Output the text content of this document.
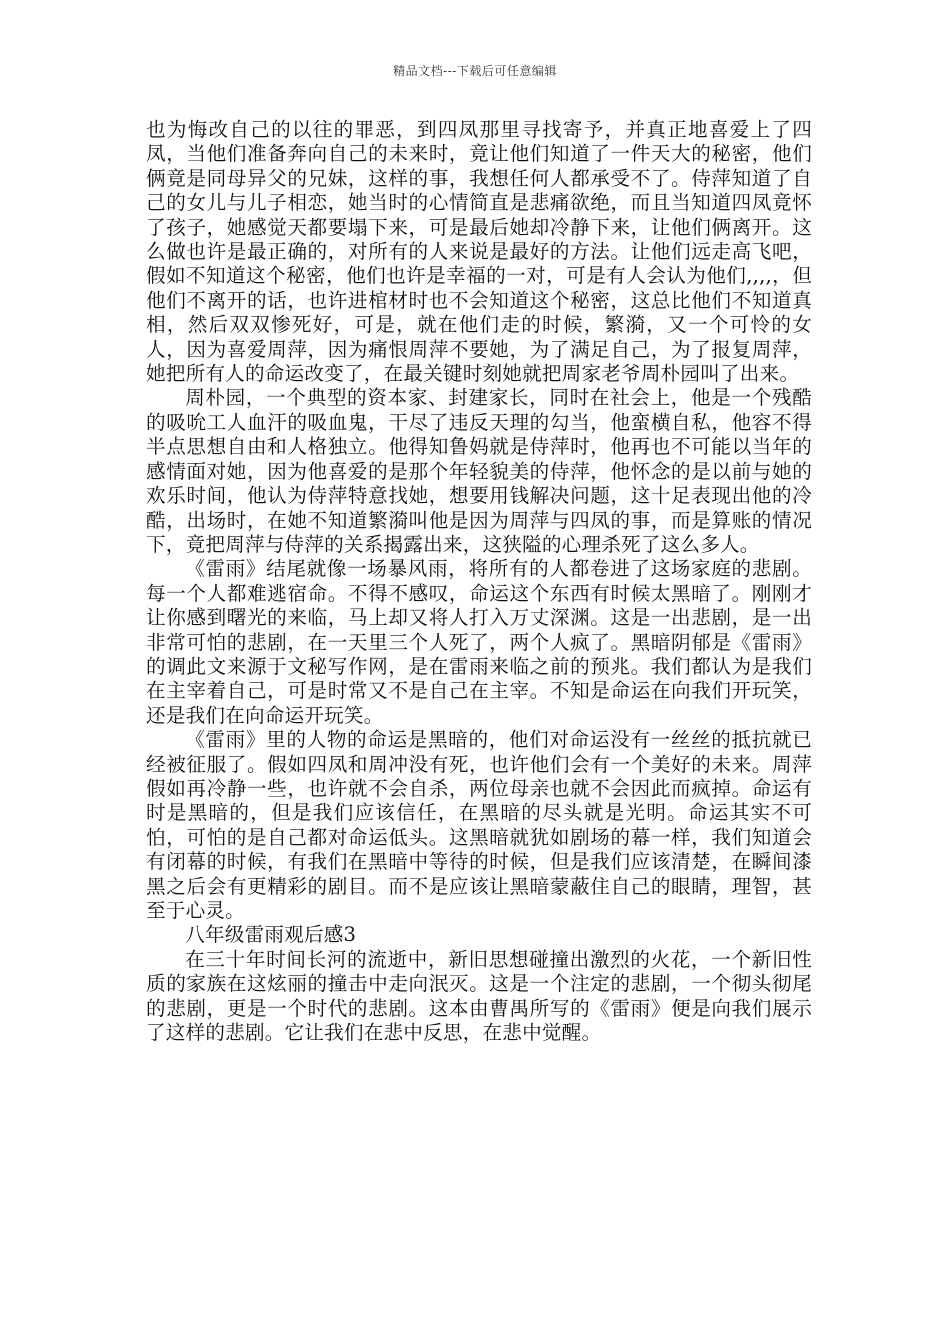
精品文档---下载后可任意编辑

也为悔改自己的以往的罪恶，到四凤那里寻找寄予，并真正地喜爱上了四凤，当他们准备奔向自己的未来时，竟让他们知道了一件天大的秘密，他们俩竟是同母异父的兄妹，这样的事，我想任何人都承受不了。侍萍知道了自己的女儿与儿子相恋，她当时的心情简直是悲痛欲绝，而且当知道四凤竟怀了孩子，她感觉天都要塌下来，可是最后她却冷静下来，让他们俩离开。这么做也许是最正确的，对所有的人来说是最好的方法。让他们远走高飞吧，假如不知道这个秘密，他们也许是幸福的一对，可是有人会认为他们,,,,，但他们不离开的话，也许进棺材时也不会知道这个秘密，这总比他们不知道真相，然后双双惨死好，可是，就在他们走的时候，繁漪，又一个可怜的女人，因为喜爱周萍，因为痛恨周萍不要她，为了满足自己，为了报复周萍，她把所有人的命运改变了，在最关键时刻她就把周家老爷周朴园叫了出来。

周朴园，一个典型的资本家、封建家长，同时在社会上，他是一个残酷的吸吮工人血汗的吸血鬼，干尽了违反天理的勾当，他蛮横自私，他容不得半点思想自由和人格独立。他得知鲁妈就是侍萍时，他再也不可能以当年的感情面对她，因为他喜爱的是那个年轻貌美的侍萍，他怀念的是以前与她的欢乐时间，他认为侍萍特意找她，想要用钱解决问题，这十足表现出他的冷酷，出场时，在她不知道繁漪叫他是因为周萍与四凤的事，而是算账的情况下，竟把周萍与侍萍的关系揭露出来，这狭隘的心理杀死了这么多人。

《雷雨》结尾就像一场暴风雨，将所有的人都卷进了这场家庭的悲剧。每一个人都难逃宿命。不得不感叹，命运这个东西有时候太黑暗了。刚刚才让你感到曙光的来临，马上却又将人打入万丈深渊。这是一出悲剧，是一出非常可怕的悲剧，在一天里三个人死了，两个人疯了。黑暗阴郁是《雷雨》的调此文来源于文秘写作网，是在雷雨来临之前的预兆。我们都认为是我们在主宰着自己，可是时常又不是自己在主宰。不知是命运在向我们开玩笑，还是我们在向命运开玩笑。

《雷雨》里的人物的命运是黑暗的，他们对命运没有一丝丝的抵抗就已经被征服了。假如四凤和周冲没有死，也许他们会有一个美好的未来。周萍假如再冷静一些，也许就不会自杀，两位母亲也就不会因此而疯掉。命运有时是黑暗的，但是我们应该信任，在黑暗的尽头就是光明。命运其实不可怕，可怕的是自己都对命运低头。这黑暗就犹如剧场的幕一样，我们知道会有闭幕的时候，有我们在黑暗中等待的时候，但是我们应该清楚，在瞬间漆黑之后会有更精彩的剧目。而不是应该让黑暗蒙蔽住自己的眼睛，理智，甚至于心灵。

八年级雷雨观后感3

在三十年时间长河的流逝中，新旧思想碰撞出激烈的火花，一个新旧性质的家族在这炫丽的撞击中走向泯灭。这是一个注定的悲剧，一个彻头彻尾的悲剧，更是一个时代的悲剧。这本由曹禺所写的《雷雨》便是向我们展示了这样的悲剧。它让我们在悲中反思，在悲中觉醒。
